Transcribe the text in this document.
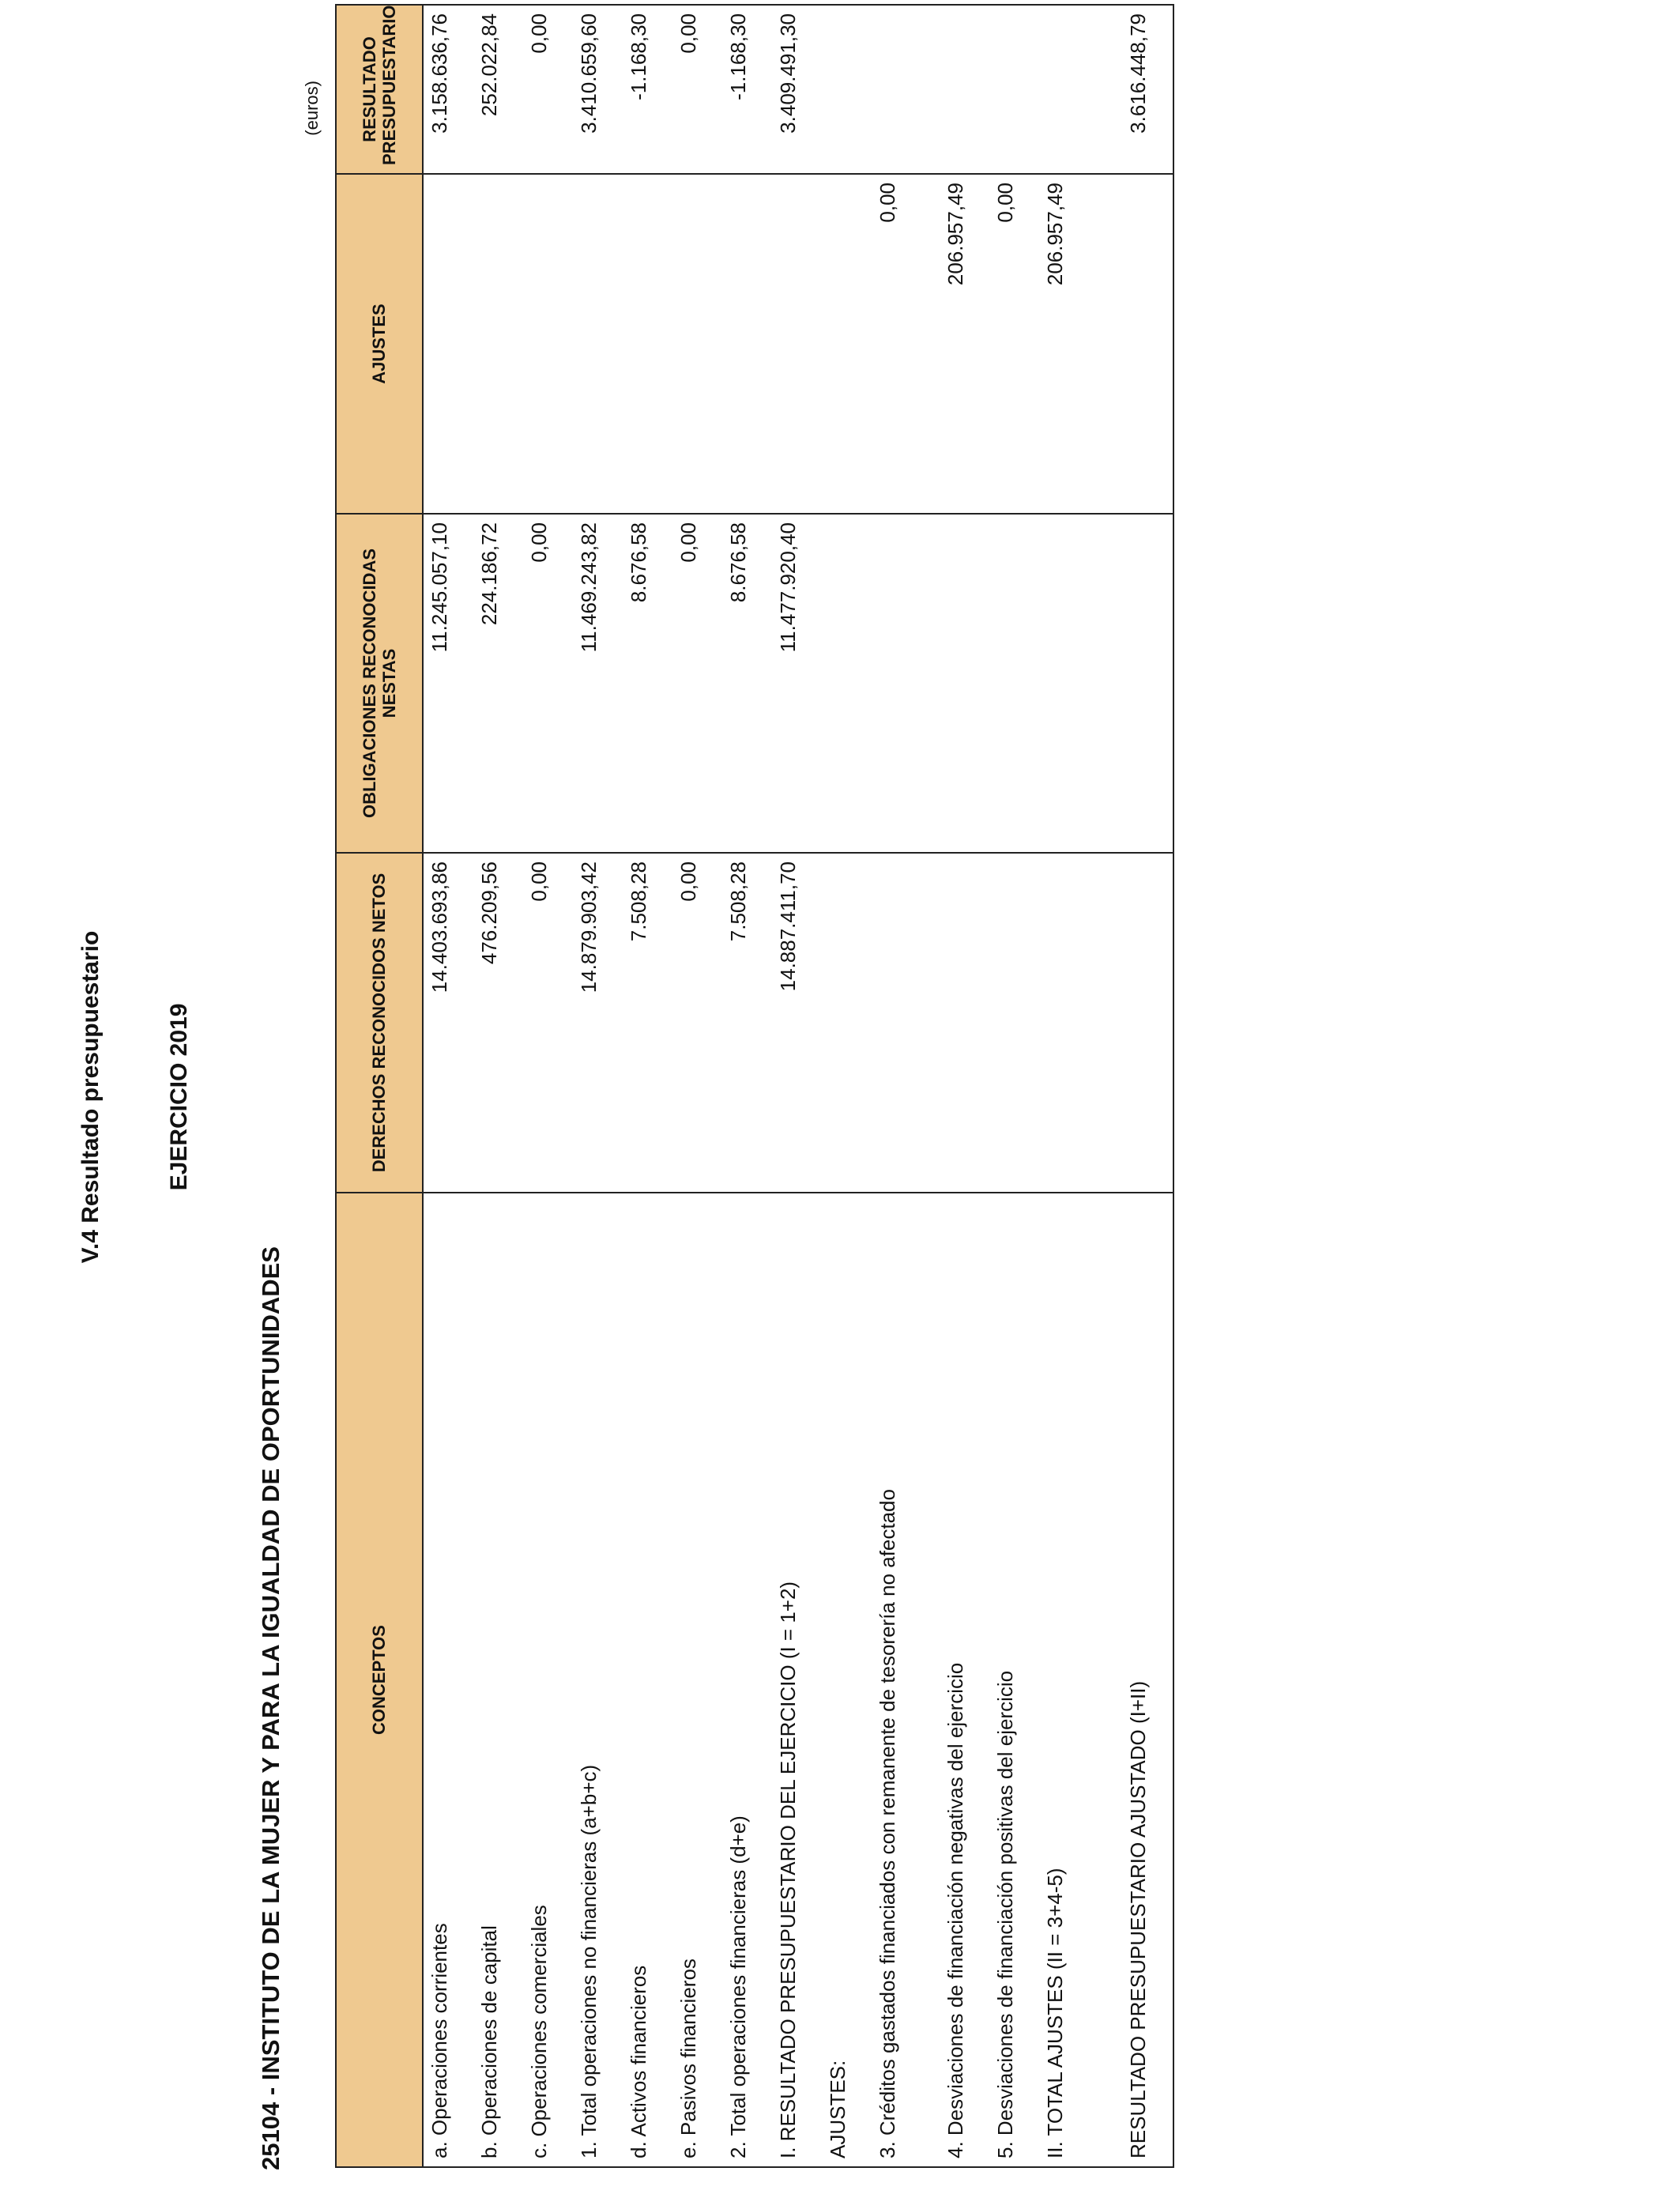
V.4 Resultado presupuestario	EJERCICIO 2019
25104 - INSTITUTO DE LA MUJER Y PARA LA IGUALDAD DE OPORTUNIDADES
(euros)
CONCEPTOS	DERECHOS RECONOCIDOS NETOS	OBLIGACIONES RECONOCIDAS NESTAS	AJUSTES	RESULTADO PRESUPUESTARIO
a. Operaciones corrientes	14.403.693,86	11.245.057,10		3.158.636,76
b. Operaciones de capital	476.209,56	224.186,72		252.022,84
c. Operaciones comerciales	0,00	0,00		0,00
1. Total operaciones no financieras (a+b+c)	14.879.903,42	11.469.243,82		3.410.659,60
d. Activos financieros	7.508,28	8.676,58		-1.168,30
e. Pasivos financieros	0,00	0,00		0,00
2. Total operaciones financieras (d+e)	7.508,28	8.676,58		-1.168,30
I. RESULTADO PRESUPUESTARIO DEL EJERCICIO (I = 1+2)	14.887.411,70	11.477.920,40		3.409.491,30
AJUSTES:				
3. Créditos gastados financiados con remanente de tesorería no afectado			0,00	
4. Desviaciones de financiación negativas del ejercicio			206.957,49	
5. Desviaciones de financiación positivas del ejercicio			0,00	
II. TOTAL AJUSTES (II = 3+4-5)			206.957,49	

RESULTADO PRESUPUESTARIO AJUSTADO (I+II)				3.616.448,79
